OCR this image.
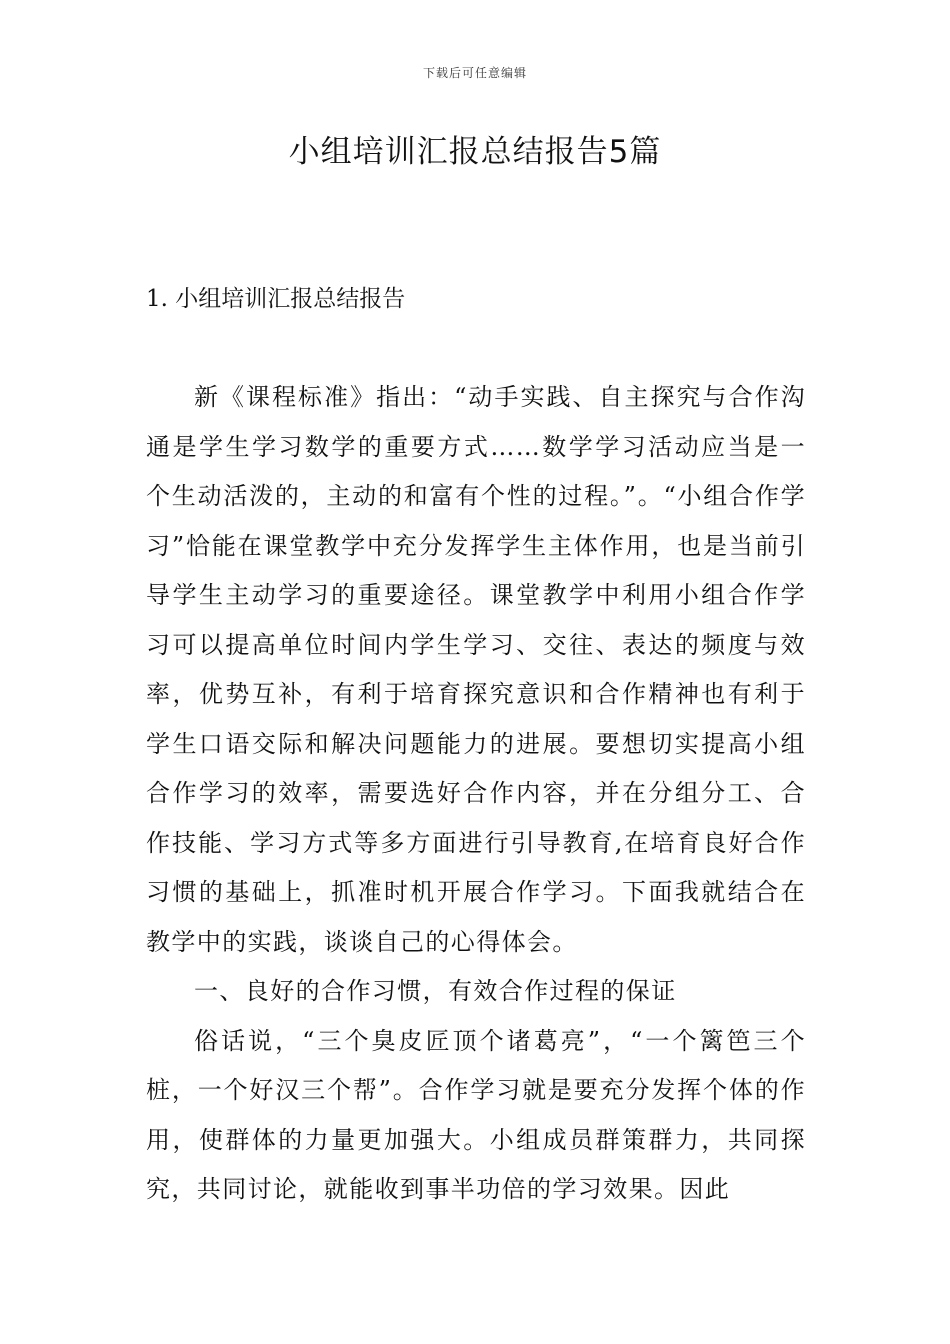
下载后可任意编辑
小组培训汇报总结报告5篇
1. 小组培训汇报总结报告

新《课程标准》指出：“动手实践、自主探究与合作沟通是学生学习数学的重要方式……数学学习活动应当是一个生动活泼的，主动的和富有个性的过程。”。“小组合作学习”恰能在课堂教学中充分发挥学生主体作用，也是当前引导学生主动学习的重要途径。课堂教学中利用小组合作学习可以提高单位时间内学生学习、交往、表达的频度与效率，优势互补，有利于培育探究意识和合作精神也有利于学生口语交际和解决问题能力的进展。要想切实提高小组合作学习的效率，需要选好合作内容，并在分组分工、合作技能、学习方式等多方面进行引导教育,在培育良好合作习惯的基础上，抓准时机开展合作学习。下面我就结合在教学中的实践，谈谈自己的心得体会。

一、良好的合作习惯，有效合作过程的保证

俗话说，“三个臭皮匠顶个诸葛亮”，“一个篱笆三个桩，一个好汉三个帮”。合作学习就是要充分发挥个体的作用，使群体的力量更加强大。小组成员群策群力，共同探究，共同讨论，就能收到事半功倍的学习效果。因此
